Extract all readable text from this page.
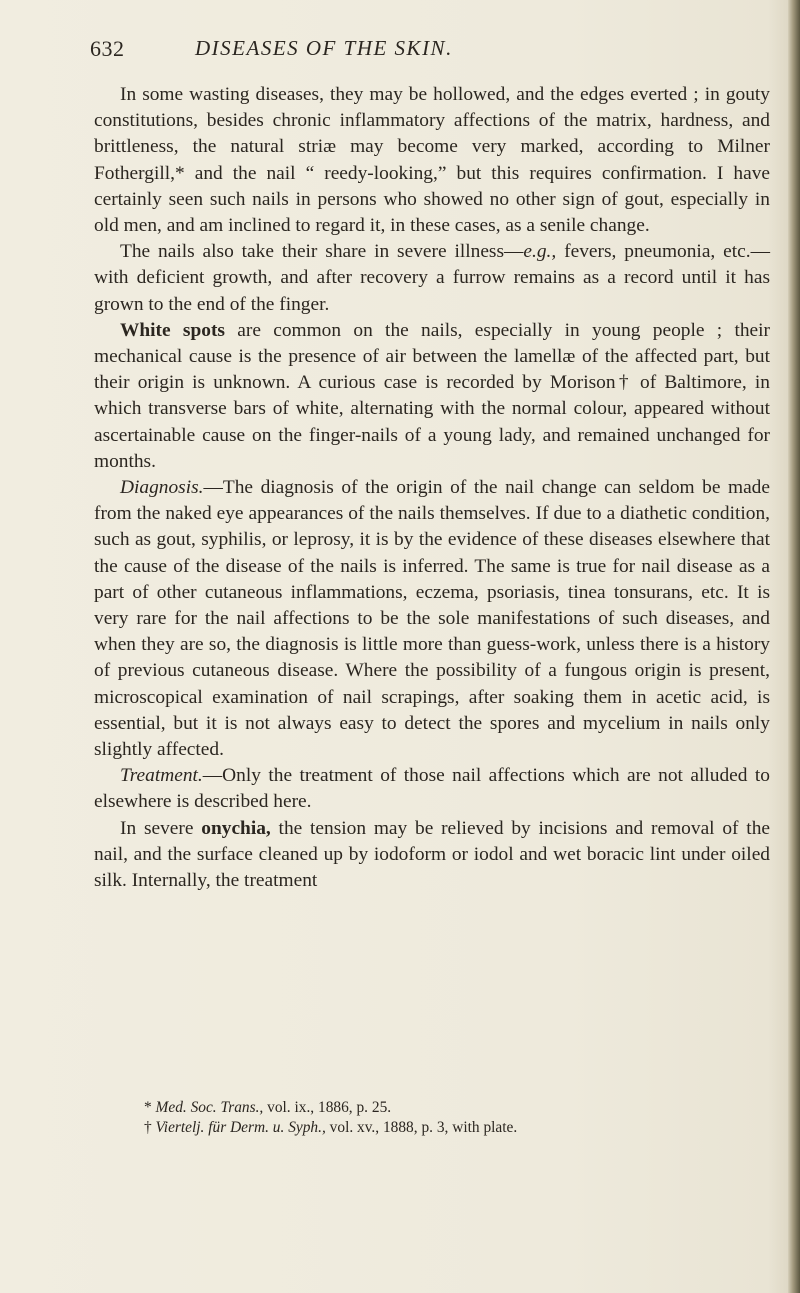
632	DISEASES OF THE SKIN.

In some wasting diseases, they may be hollowed, and the edges everted ; in gouty constitutions, besides chronic inflammatory affections of the matrix, hardness, and brittleness, the natural striæ may become very marked, according to Milner Fothergill,* and the nail “ reedy-looking,” but this requires confirmation. I have certainly seen such nails in persons who showed no other sign of gout, especially in old men, and am inclined to regard it, in these cases, as a senile change.

The nails also take their share in severe illness—e.g., fevers, pneumonia, etc.—with deficient growth, and after recovery a furrow remains as a record until it has grown to the end of the finger.

White spots are common on the nails, especially in young people ; their mechanical cause is the presence of air between the lamellæ of the affected part, but their origin is unknown. A curious case is recorded by Morison† of Baltimore, in which transverse bars of white, alternating with the normal colour, appeared without ascertainable cause on the finger-nails of a young lady, and remained unchanged for months.

Diagnosis.—The diagnosis of the origin of the nail change can seldom be made from the naked eye appearances of the nails themselves. If due to a diathetic condition, such as gout, syphilis, or leprosy, it is by the evidence of these diseases elsewhere that the cause of the disease of the nails is inferred. The same is true for nail disease as a part of other cutaneous inflammations, eczema, psoriasis, tinea tonsurans, etc. It is very rare for the nail affections to be the sole manifestations of such diseases, and when they are so, the diagnosis is little more than guess-work, unless there is a history of previous cutaneous disease. Where the possibility of a fungous origin is present, microscopical examination of nail scrapings, after soaking them in acetic acid, is essential, but it is not always easy to detect the spores and mycelium in nails only slightly affected.

Treatment.—Only the treatment of those nail affections which are not alluded to elsewhere is described here.

In severe onychia, the tension may be relieved by incisions and removal of the nail, and the surface cleaned up by iodoform or iodol and wet boracic lint under oiled silk. Internally, the treatment

* Med. Soc. Trans., vol. ix., 1886, p. 25.

† Viertelj. für Derm. u. Syph., vol. xv., 1888, p. 3, with plate.
